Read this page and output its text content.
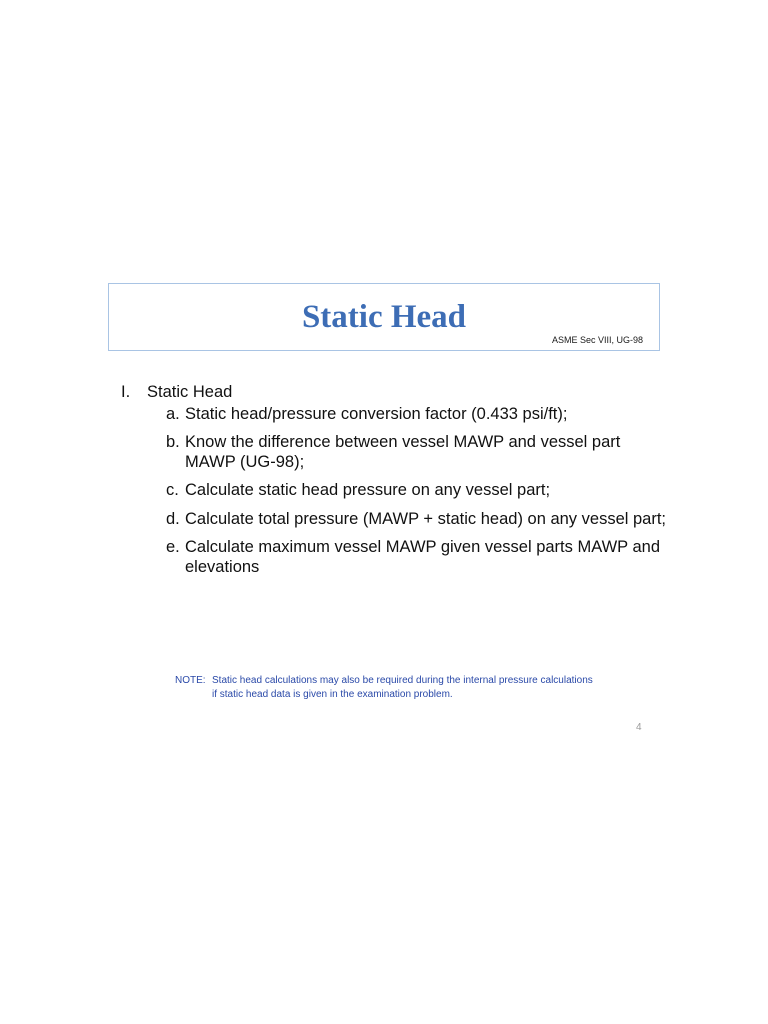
Static Head
ASME Sec VIII, UG-98
I.	Static Head
a. Static head/pressure conversion factor (0.433 psi/ft);
b. Know the difference between vessel MAWP and vessel part MAWP (UG-98);
c. Calculate static head pressure on any vessel part;
d. Calculate total pressure (MAWP + static head) on any vessel part;
e. Calculate maximum vessel MAWP given vessel parts MAWP and elevations
NOTE: Static head calculations may also be required during the internal pressure calculations
if static head data is given in the examination problem.
4
